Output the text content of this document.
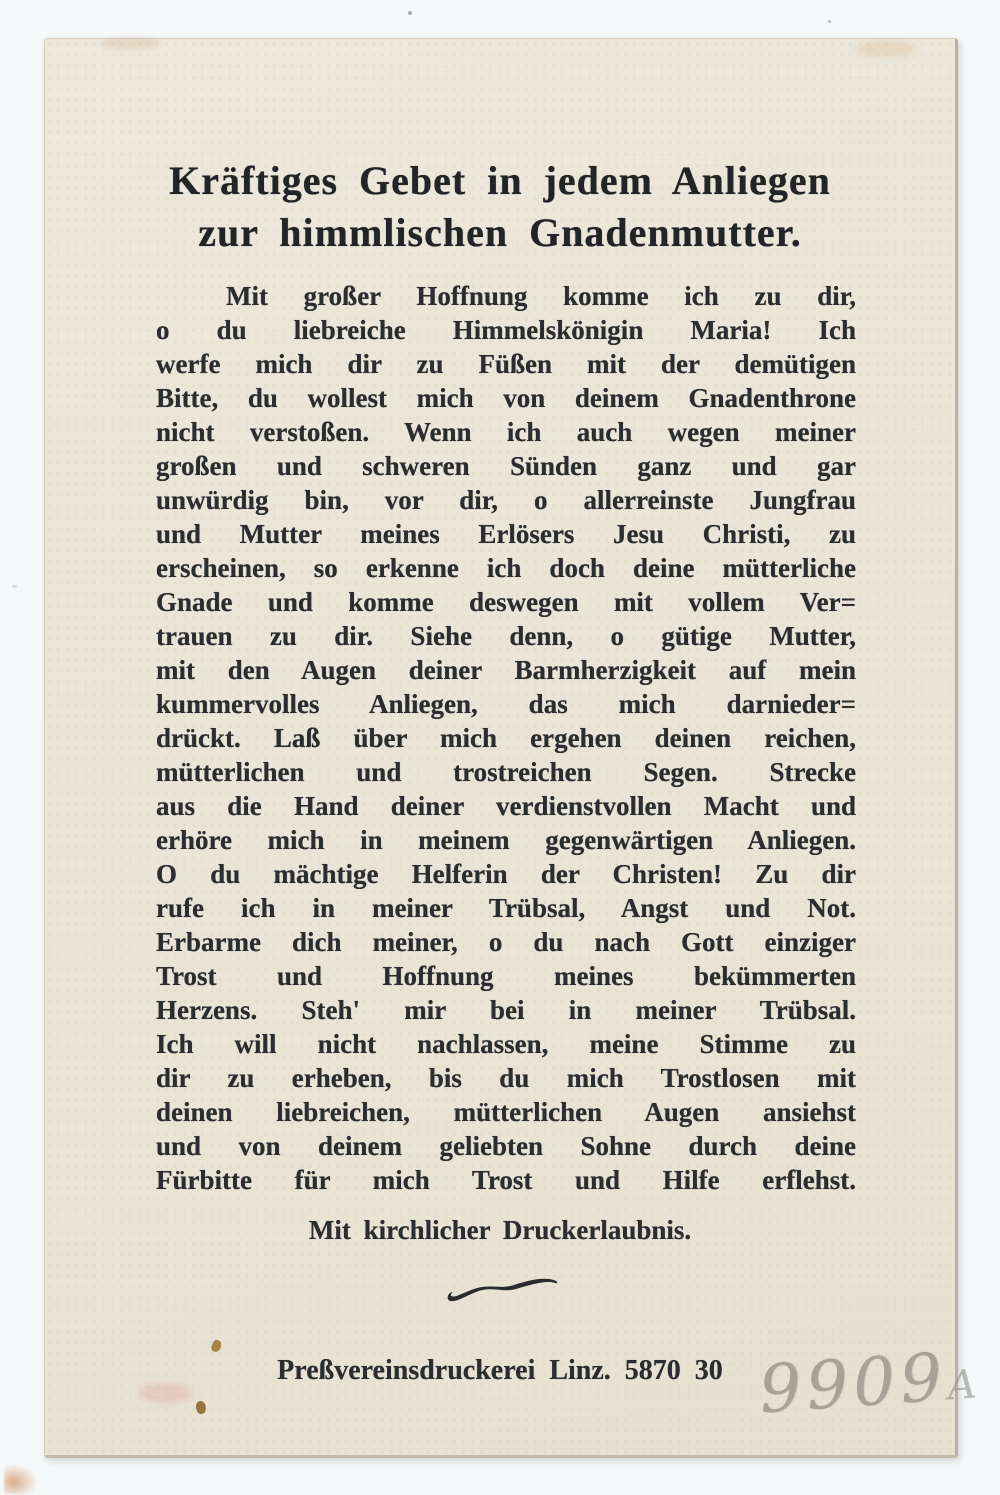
Kräftiges Gebet in jedem Anliegen
zur himmlischen Gnadenmutter.
Mit großer Hoffnung komme ich zu dir,
o du liebreiche Himmelskönigin Maria! Ich
werfe mich dir zu Füßen mit der demütigen
Bitte, du wollest mich von deinem Gnadenthrone
nicht verstoßen. Wenn ich auch wegen meiner
großen und schweren Sünden ganz und gar
unwürdig bin, vor dir, o allerreinste Jungfrau
und Mutter meines Erlösers Jesu Christi, zu
erscheinen, so erkenne ich doch deine mütterliche
Gnade und komme deswegen mit vollem Ver=
trauen zu dir. Siehe denn, o gütige Mutter,
mit den Augen deiner Barmherzigkeit auf mein
kummervolles Anliegen, das mich darnieder=
drückt. Laß über mich ergehen deinen reichen,
mütterlichen und trostreichen Segen. Strecke
aus die Hand deiner verdienstvollen Macht und
erhöre mich in meinem gegenwärtigen Anliegen.
O du mächtige Helferin der Christen! Zu dir
rufe ich in meiner Trübsal, Angst und Not.
Erbarme dich meiner, o du nach Gott einziger
Trost und Hoffnung meines bekümmerten
Herzens. Steh' mir bei in meiner Trübsal.
Ich will nicht nachlassen, meine Stimme zu
dir zu erheben, bis du mich Trostlosen mit
deinen liebreichen, mütterlichen Augen ansiehst
und von deinem geliebten Sohne durch deine
Fürbitte für mich Trost und Hilfe erflehst.
Mit kirchlicher Druckerlaubnis.
Preßvereinsdruckerei Linz. 5870 30 9909A
